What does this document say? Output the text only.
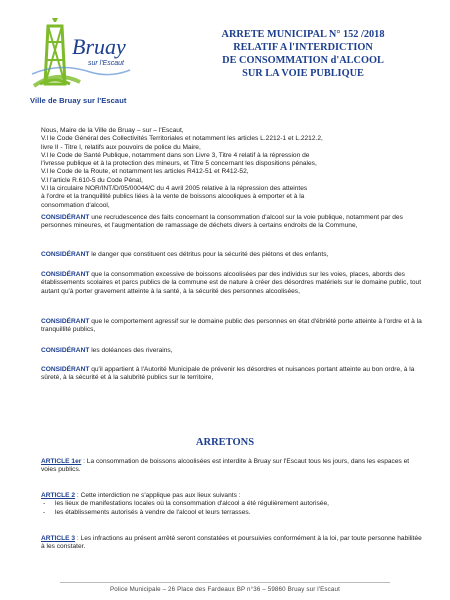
Bruay
sur l'Escaut
Ville de Bruay sur l'Escaut
ARRETE MUNICIPAL N° 152 /2018
RELATIF A l'INTERDICTION
DE CONSOMMATION d'ALCOOL
SUR LA VOIE PUBLIQUE
Nous, Maire de la Ville de Bruay – sur – l'Escaut,
V.l le Code Général des Collectivités Territoriales et notamment les articles L.2212-1 et L.2212.2,
livre II - Titre I, relatifs aux pouvoirs de police du Maire,
V.l le Code de Santé Publique, notamment dans son Livre 3, Titre 4 relatif à la répression de
l'ivresse publique et à la protection des mineurs, et Titre 5 concernant les dispositions pénales,
V.l le Code de la Route, et notamment les articles R412-51 et R412-52,
V.l l'article R.610-5 du Code Pénal,
V.l la circulaire NOR/INT/D/05/00044/C du 4 avril 2005 relative à la répression des atteintes
à l'ordre et la tranquillité publics liées à la vente de boissons alcooliques à emporter et à la
consommation d'alcool,
CONSIDÉRANT une recrudescence des faits concernant la consommation d'alcool sur la voie publique, notamment par des personnes mineures, et l'augmentation de ramassage de déchets divers à certains endroits de la Commune,
CONSIDÉRANT le danger que constituent ces détritus pour la sécurité des piétons et des enfants,
CONSIDÉRANT que la consommation excessive de boissons alcoolisées par des individus sur les voies, places, abords des établissements scolaires et parcs publics de la commune est de nature à créer des désordres matériels sur le domaine public, tout autant qu'à porter gravement atteinte à la santé, à la sécurité des personnes alcoolisées,
CONSIDÉRANT que le comportement agressif sur le domaine public des personnes en état d'ébriété porte atteinte à l'ordre et à la tranquillité publics,
CONSIDÉRANT les doléances des riverains,
CONSIDÉRANT qu'il appartient à l'Autorité Municipale de prévenir les désordres et nuisances portant atteinte au bon ordre, à la sûreté, à la sécurité et à la salubrité publics sur le territoire,
ARRETONS
ARTICLE 1er : La consommation de boissons alcoolisées est interdite à Bruay sur l'Escaut tous les jours, dans les espaces et voies publics.
ARTICLE 2 : Cette interdiction ne s'applique pas aux lieux suivants :
- les lieux de manifestations locales où la consommation d'alcool a été régulièrement autorisée,
- les établissements autorisés à vendre de l'alcool et leurs terrasses.
ARTICLE 3 : Les infractions au présent arrêté seront constatées et poursuivies conformément à la loi, par toute personne habilitée à les constater.
Police Municipale – 26 Place des Fardeaux BP n°36 – 59860 Bruay sur l'Escaut
